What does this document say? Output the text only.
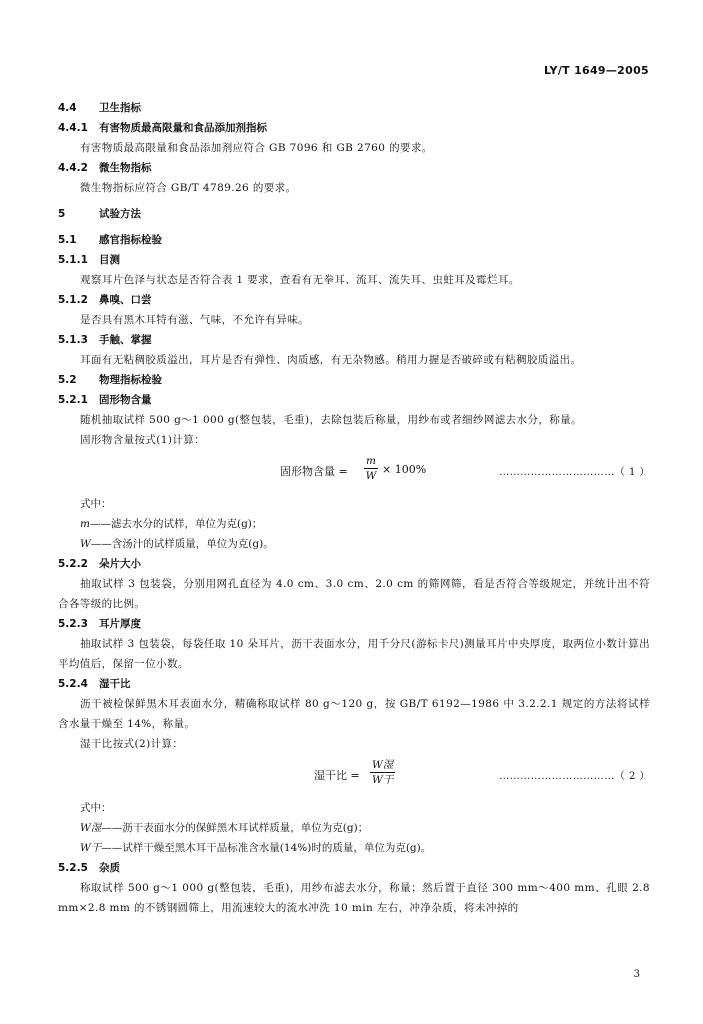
LY/T 1649—2005
4.4 卫生指标
4.4.1 有害物质最高限量和食品添加剂指标
有害物质最高限量和食品添加剂应符合 GB 7096 和 GB 2760 的要求。
4.4.2 微生物指标
微生物指标应符合 GB/T 4789.26 的要求。
5	试验方法
5.1 感官指标检验
5.1.1 目测
观察耳片色泽与状态是否符合表 1 要求，查看有无拳耳、流耳、流失耳、虫蛀耳及霉烂耳。
5.1.2 鼻嗅、口尝
是否具有黑木耳特有滋、气味，不允许有异味。
5.1.3 手触、掌握
耳面有无粘稠胶质溢出，耳片是否有弹性、肉质感，有无杂物感。稍用力握是否破碎或有粘稠胶质溢出。
5.2 物理指标检验
5.2.1 固形物含量
随机抽取试样 500 g～1 000 g(整包装，毛重)，去除包装后称量，用纱布或者细纱网滤去水分，称量。
固形物含量按式(1)计算：
固形物含量 = $\frac{m}{W} \times 100\%$	……………………………（ 1 ）
式中：
m——滤去水分的试样，单位为克(g)；
W——含汤汁的试样质量，单位为克(g)。
5.2.2 朵片大小
抽取试样 3 包装袋，分别用网孔直径为 4.0 cm、3.0 cm、2.0 cm 的筛网筛，看是否符合等级规定，并统计出不符合各等级的比例。
5.2.3 耳片厚度
抽取试样 3 包装袋，每袋任取 10 朵耳片，沥干表面水分，用千分尺(游标卡尺)测量耳片中央厚度，取两位小数计算出平均值后，保留一位小数。
5.2.4 湿干比
沥干被检保鲜黑木耳表面水分，精确称取试样 80 g～120 g，按 GB/T 6192—1986 中 3.2.2.1 规定的方法将试样含水量干燥至 14%，称量。
湿干比按式(2)计算：
湿干比 =
W湿
W干	……………………………（ 2 ）
式中：
W湿——沥干表面水分的保鲜黑木耳试样质量，单位为克(g)；
W干——试样干燥至黑木耳干品标准含水量(14%)时的质量，单位为克(g)。
5.2.5 杂质
称取试样 500 g～1 000 g(整包装，毛重)，用纱布滤去水分，称量；然后置于直径 300 mm～400 mm、孔眼 2.8 mm×2.8 mm 的不锈钢圆筛上，用流速较大的流水冲洗 10 min 左右，冲净杂质，将未冲掉的
3
